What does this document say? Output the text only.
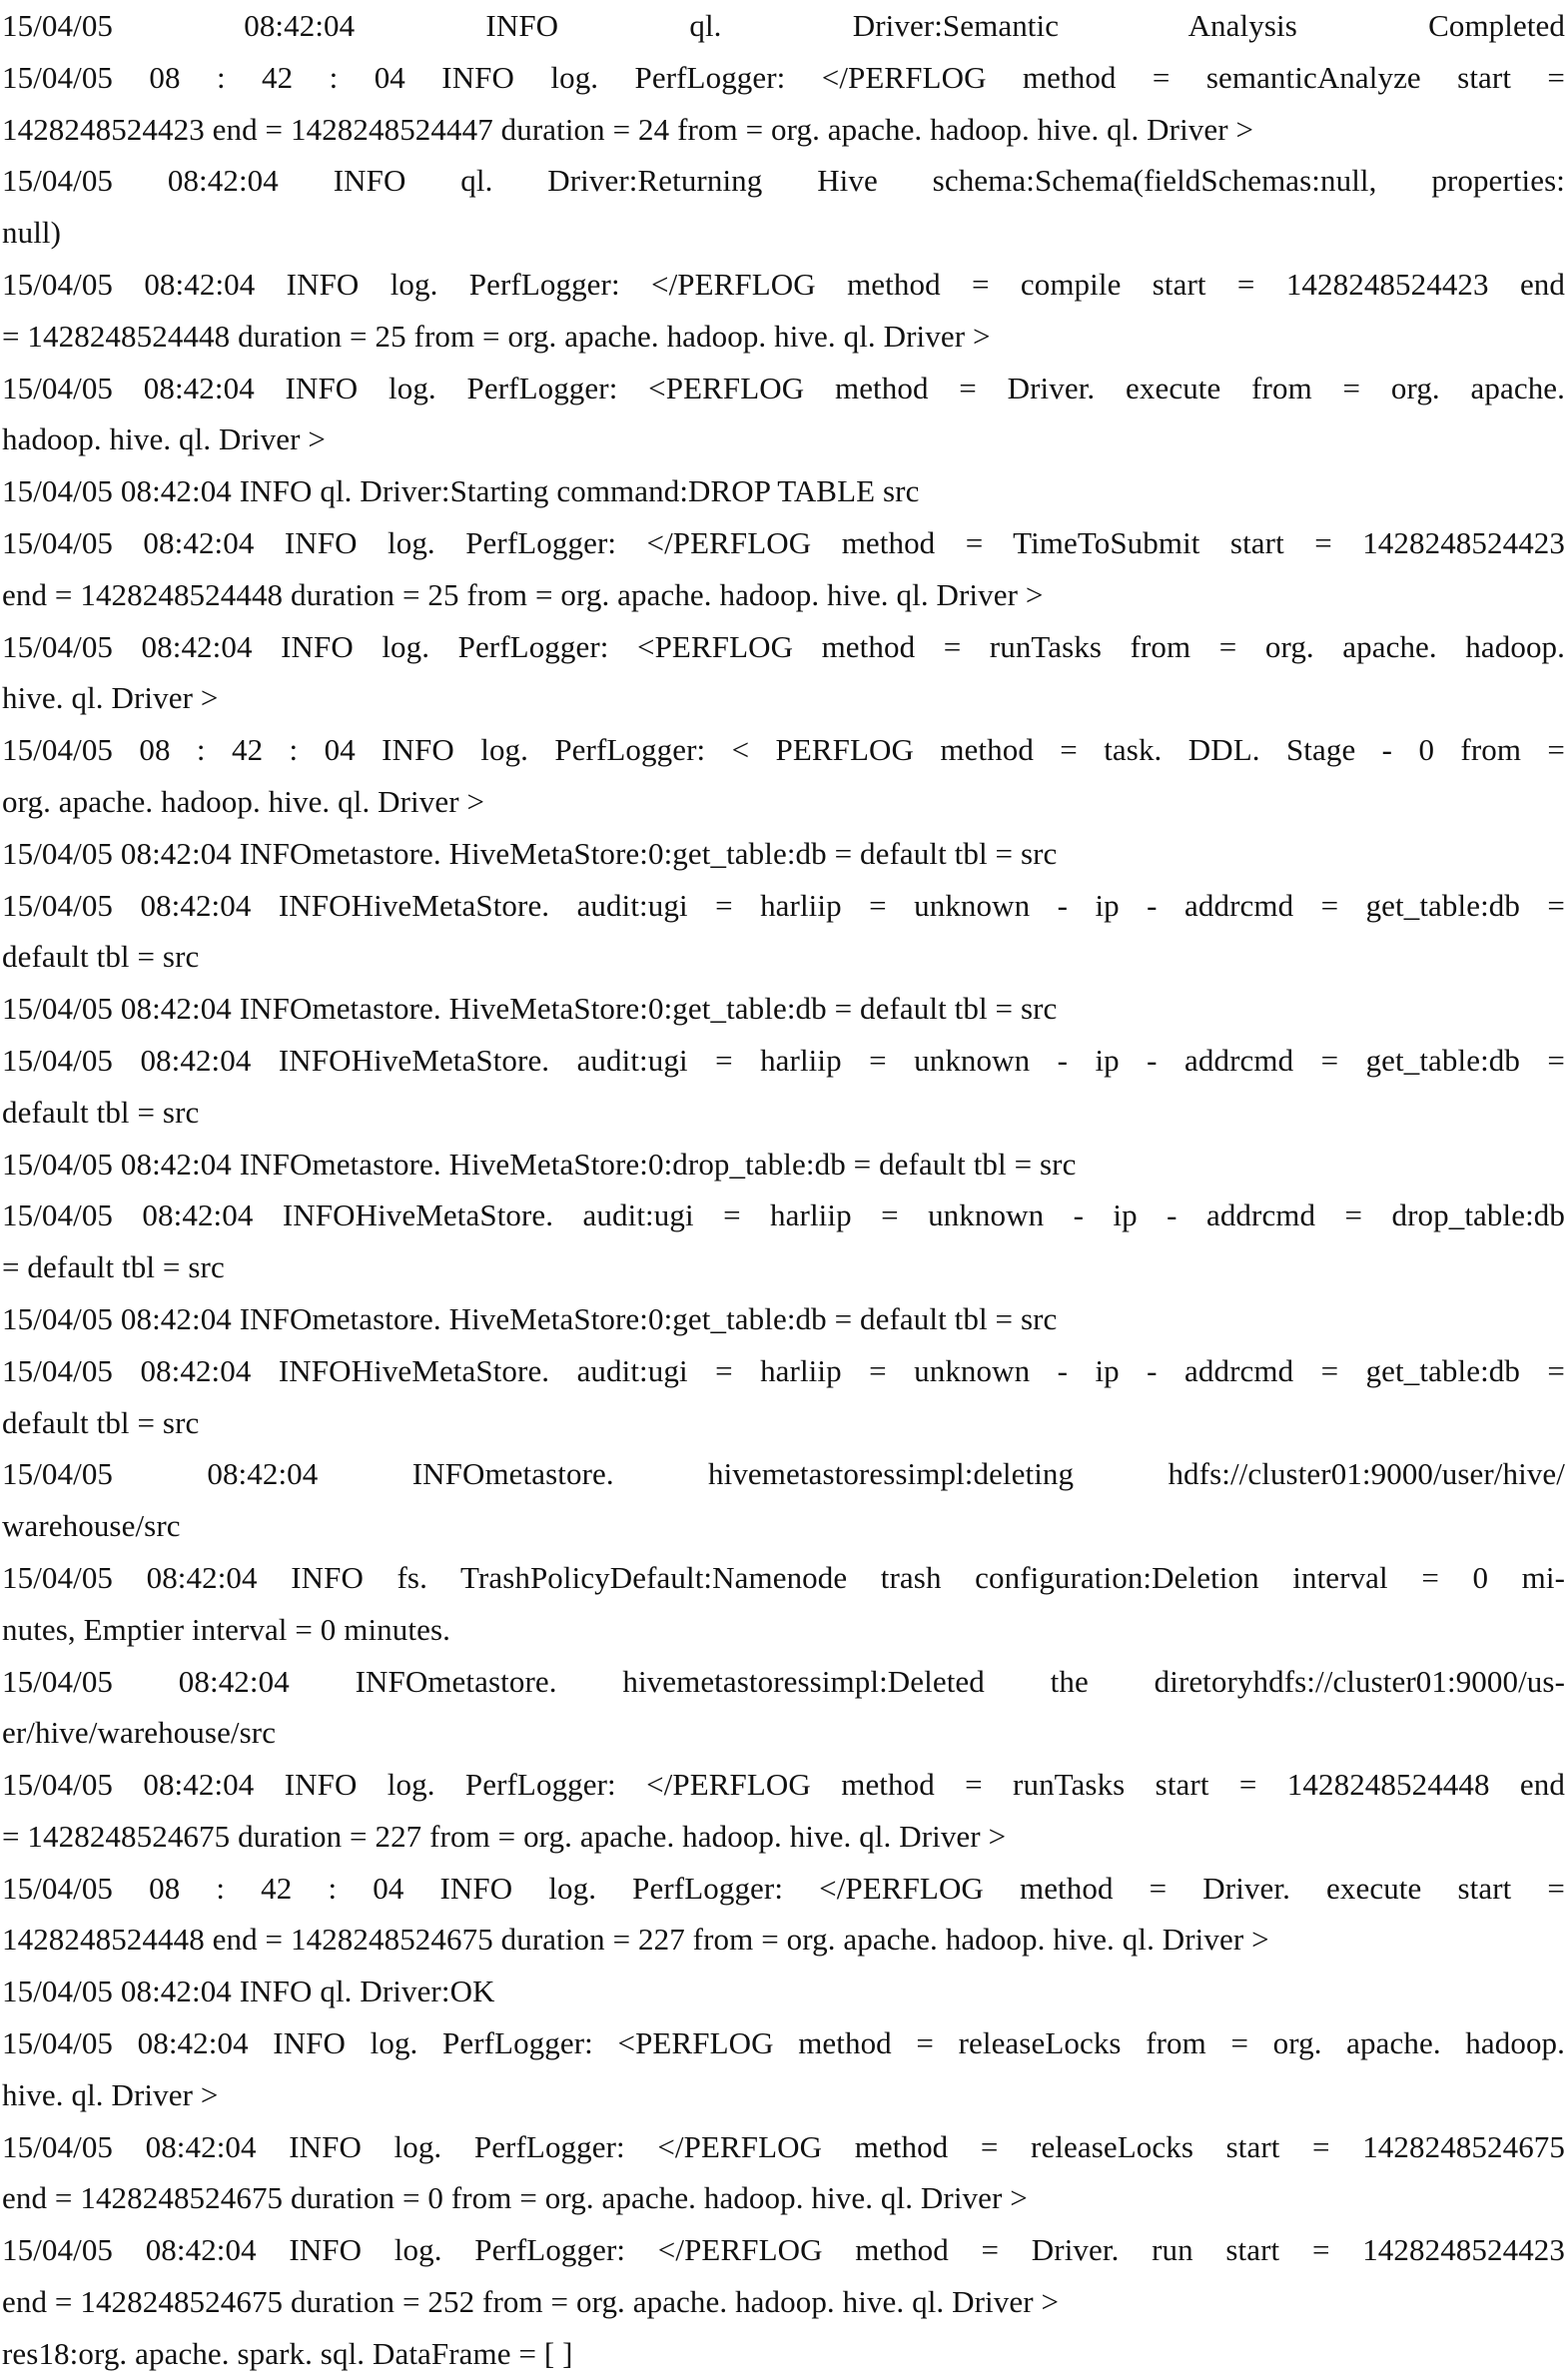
15/04/05 08:42:04 INFO ql. Driver:Semantic Analysis Completed
15/04/05 08 : 42 : 04 INFO log. PerfLogger: </PERFLOG method = semanticAnalyze start =
1428248524423 end = 1428248524447 duration = 24 from = org. apache. hadoop. hive. ql. Driver >
15/04/05 08:42:04 INFO ql. Driver:Returning Hive schema:Schema(fieldSchemas:null, properties:
null)
15/04/05 08:42:04 INFO log. PerfLogger: </PERFLOG method = compile start = 1428248524423 end
= 1428248524448 duration = 25 from = org. apache. hadoop. hive. ql. Driver >
15/04/05 08:42:04 INFO log. PerfLogger: <PERFLOG method = Driver. execute from = org. apache.
hadoop. hive. ql. Driver >
15/04/05 08:42:04 INFO ql. Driver:Starting command:DROP TABLE src
15/04/05 08:42:04 INFO log. PerfLogger: </PERFLOG method = TimeToSubmit start = 1428248524423
end = 1428248524448 duration = 25 from = org. apache. hadoop. hive. ql. Driver >
15/04/05 08:42:04 INFO log. PerfLogger: <PERFLOG method = runTasks from = org. apache. hadoop.
hive. ql. Driver >
15/04/05 08 : 42 : 04 INFO log. PerfLogger: < PERFLOG method = task. DDL. Stage - 0 from =
org. apache. hadoop. hive. ql. Driver >
15/04/05 08:42:04 INFOmetastore. HiveMetaStore:0:get_table:db = default tbl = src
15/04/05 08:42:04 INFOHiveMetaStore. audit:ugi = harliip = unknown - ip - addrcmd = get_table:db =
default tbl = src
15/04/05 08:42:04 INFOmetastore. HiveMetaStore:0:get_table:db = default tbl = src
15/04/05 08:42:04 INFOHiveMetaStore. audit:ugi = harliip = unknown - ip - addrcmd = get_table:db =
default tbl = src
15/04/05 08:42:04 INFOmetastore. HiveMetaStore:0:drop_table:db = default tbl = src
15/04/05 08:42:04 INFOHiveMetaStore. audit:ugi = harliip = unknown - ip - addrcmd = drop_table:db
= default tbl = src
15/04/05 08:42:04 INFOmetastore. HiveMetaStore:0:get_table:db = default tbl = src
15/04/05 08:42:04 INFOHiveMetaStore. audit:ugi = harliip = unknown - ip - addrcmd = get_table:db =
default tbl = src
15/04/05 08:42:04 INFOmetastore. hivemetastoressimpl:deleting hdfs://cluster01:9000/user/hive/
warehouse/src
15/04/05 08:42:04 INFO fs. TrashPolicyDefault:Namenode trash configuration:Deletion interval = 0 mi-
nutes, Emptier interval = 0 minutes.
15/04/05 08:42:04 INFOmetastore. hivemetastoressimpl:Deleted the diretoryhdfs://cluster01:9000/us-
er/hive/warehouse/src
15/04/05 08:42:04 INFO log. PerfLogger: </PERFLOG method = runTasks start = 1428248524448 end
= 1428248524675 duration = 227 from = org. apache. hadoop. hive. ql. Driver >
15/04/05 08 : 42 : 04 INFO log. PerfLogger: </PERFLOG method = Driver. execute start =
1428248524448 end = 1428248524675 duration = 227 from = org. apache. hadoop. hive. ql. Driver >
15/04/05 08:42:04 INFO ql. Driver:OK
15/04/05 08:42:04 INFO log. PerfLogger: <PERFLOG method = releaseLocks from = org. apache. hadoop.
hive. ql. Driver >
15/04/05 08:42:04 INFO log. PerfLogger: </PERFLOG method = releaseLocks start = 1428248524675
end = 1428248524675 duration = 0 from = org. apache. hadoop. hive. ql. Driver >
15/04/05 08:42:04 INFO log. PerfLogger: </PERFLOG method = Driver. run start = 1428248524423
end = 1428248524675 duration = 252 from = org. apache. hadoop. hive. ql. Driver >
res18:org. apache. spark. sql. DataFrame = [ ]
